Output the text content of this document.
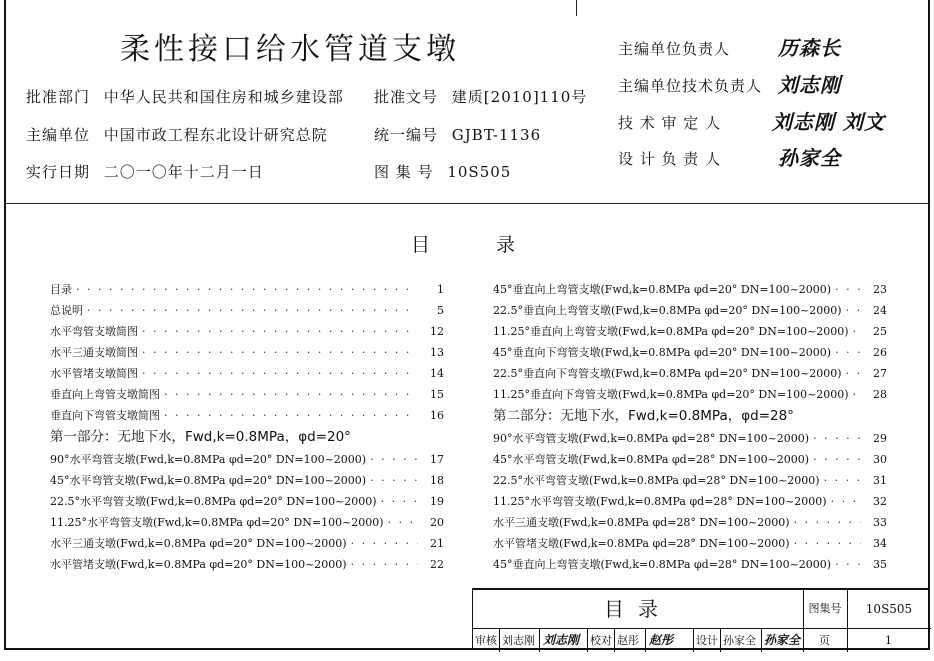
柔性接口给水管道支墩
批准部门 中华人民共和国住房和城乡建设部 批准文号 建质[2010]110号
主编单位 中国市政工程东北设计研究总院	统一编号 GJBT-1136
实行日期 二〇一〇年十二月一日	图 集 号 10S505
主编单位负责人 历森长
主编单位技术负责人 刘志刚
技 术 审 定 人	刘志刚 刘文
设 计 负 责 人	孙家全
目	录
目录 · · ·	1
总说明 · · ·	5
水平弯管支墩简图 · · ·	12
水平三通支墩简图 · · ·	13
水平管堵支墩简图 · · ·	14
垂直向上弯管支墩简图 · · ·	15
垂直向下弯管支墩简图 · · ·	16
第一部分：无地下水，Fwd,k=0.8MPa，φd=20°
90°水平弯管支墩(Fwd,k=0.8MPa φd=20° DN=100~2000) · · ·	17
45°水平弯管支墩(Fwd,k=0.8MPa φd=20° DN=100~2000) · · ·	18
22.5°水平弯管支墩(Fwd,k=0.8MPa φd=20° DN=100~2000) · · ·	19
11.25°水平弯管支墩(Fwd,k=0.8MPa φd=20° DN=100~2000) · · ·	20
水平三通支墩(Fwd,k=0.8MPa φd=20° DN=100~2000) · · ·	21
水平管堵支墩(Fwd,k=0.8MPa φd=20° DN=100~2000) · · ·	22
45°垂直向上弯管支墩(Fwd,k=0.8MPa φd=20° DN=100~2000) · · ·	23
22.5°垂直向上弯管支墩(Fwd,k=0.8MPa φd=20° DN=100~2000) · · ·	24
11.25°垂直向上弯管支墩(Fwd,k=0.8MPa φd=20° DN=100~2000) · · ·	25
45°垂直向下弯管支墩(Fwd,k=0.8MPa φd=20° DN=100~2000) · · ·	26
22.5°垂直向下弯管支墩(Fwd,k=0.8MPa φd=20° DN=100~2000) · · ·	27
11.25°垂直向下弯管支墩(Fwd,k=0.8MPa φd=20° DN=100~2000) · · ·	28
第二部分：无地下水，Fwd,k=0.8MPa，φd=28°
90°水平弯管支墩(Fwd,k=0.8MPa φd=28° DN=100~2000) · · ·	29
45°水平弯管支墩(Fwd,k=0.8MPa φd=28° DN=100~2000) · · ·	30
22.5°水平弯管支墩(Fwd,k=0.8MPa φd=28° DN=100~2000) · · ·	31
11.25°水平弯管支墩(Fwd,k=0.8MPa φd=28° DN=100~2000) · · ·	32
水平三通支墩(Fwd,k=0.8MPa φd=28° DN=100~2000) · · ·	33
水平管堵支墩(Fwd,k=0.8MPa φd=28° DN=100~2000) · · ·	34
45°垂直向上弯管支墩(Fwd,k=0.8MPa φd=28° DN=100~2000) · · ·	35
目录	图集号	10S505
审核 刘志刚 刘志刚 校对 赵彤 赵彤 设计 孙家全 孙家全 页	1
